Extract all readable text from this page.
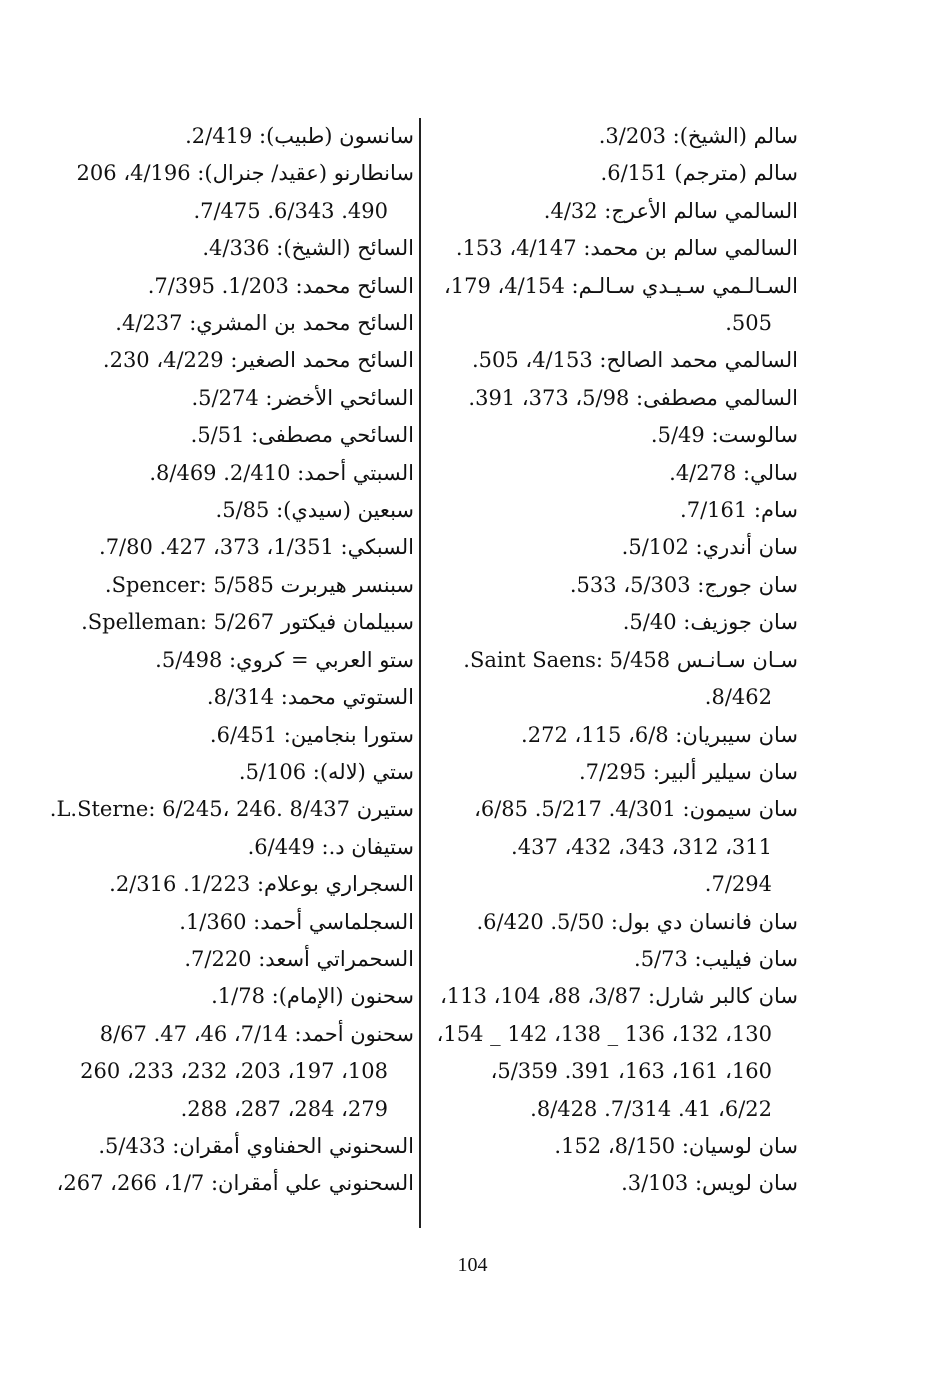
سالم (الشيخ): 3/203.
سالم (مترجم) 6/151.
السالمي سالم الأعرج: 4/32.
السالمي سالم بن محمد: 4/147، 153.
السـالـمي سـيـدي سـالـم: 4/154، 179،
505.
السالمي محمد الصالح: 4/153، 505.
السالمي مصطفى: 5/98، 373، 391.
سالوست: 5/49.
سالي: 4/278.
سام: 7/161.
سان أندري: 5/102.
سان جورج: 5/303، 533.
سان جوزيف: 5/40.
سـان سـانـس Saint Saens: 5/458.
8/462.
سان سيبريان: 6/8، 115، 272.
سان سيلير ألبير: 7/295.
سان سيمون: 4/301. 5/217. 6/85،
311، 312، 343، 432، 437.
7/294.
سان فانسان دي بول: 5/50. 6/420.
سان فيليب: 5/73.
سان كالبر شارل: 3/87، 88، 104، 113،
130، 132، 136 _ 138، 142 _ 154،
160، 161، 163، 391. 5/359،
6/22، 41. 7/314. 8/428.
سان لوسيان: 8/150، 152.
سان لويس: 3/103.
سانسون (طبيب): 2/419.
سانطارنو (عقيد/ جنرال): 4/196، 206
490. 6/343. 7/475.
السائح (الشيخ): 4/336.
السائح محمد: 1/203. 7/395.
السائح محمد بن المشري: 4/237.
السائح محمد الصغير: 4/229، 230.
السائحي الأخضر: 5/274.
السائحي مصطفى: 5/51.
السبتي أحمد: 2/410. 8/469.
سبعين (سيدي): 5/85.
السبكي: 1/351، 373، 427. 7/80.
سبنسر هيربرت Spencer: 5/585.
سبيلمان فيكتور Spelleman: 5/267.
ستو العربي = كروي: 5/498.
الستوتي محمد: 8/314.
ستورا بنجامين: 6/451.
ستي (لاله): 5/106.
ستيرن L.Sterne: 6/245، 246. 8/437.
ستيفان د.: 6/449.
السجراري بوعلام: 1/223. 2/316.
السجلماسي أحمد: 1/360.
السحمراتي أسعد: 7/220.
سحنون (الإمام): 1/78.
سحنون أحمد: 7/14، 46، 47. 8/67
108، 197، 203، 232، 233، 260
279، 284، 287، 288.
السحنوني الحفناوي أمقران: 5/433.
السحنوني علي أمقران: 1/7، 266، 267،
104
